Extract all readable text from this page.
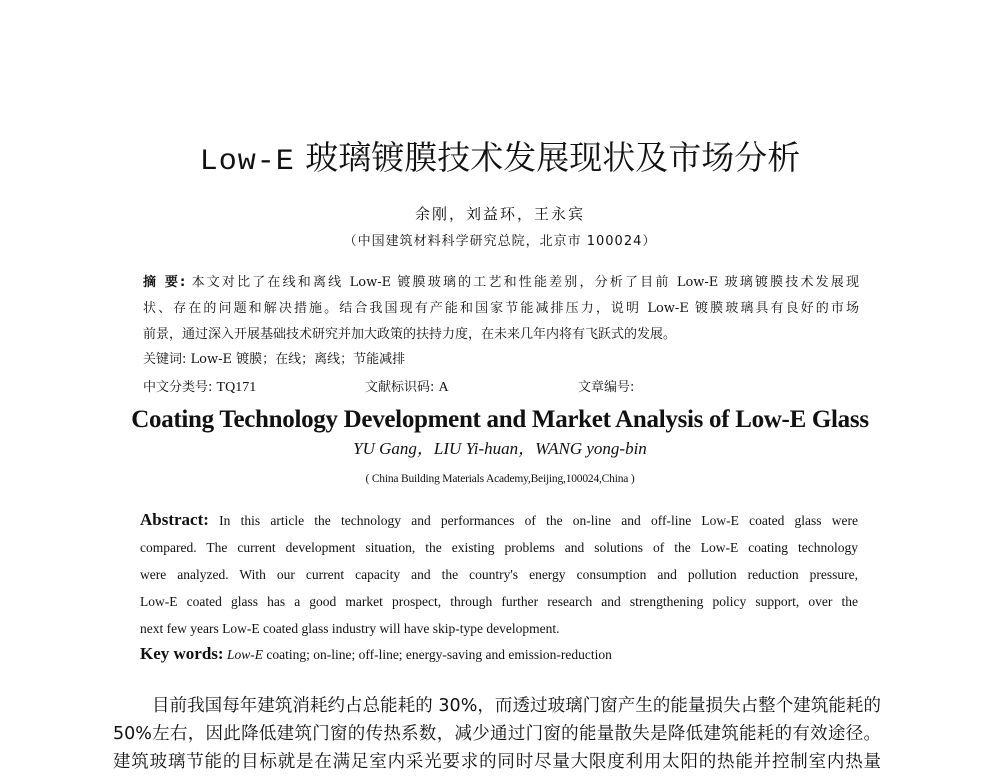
Low-E 玻璃镀膜技术发展现状及市场分析
余刚，刘益环，王永宾
（中国建筑材料科学研究总院，北京市 100024）
摘 要: 本文对比了在线和离线 Low-E 镀膜玻璃的工艺和性能差别，分析了目前 Low-E 玻璃镀膜技术发展现
状、存在的问题和解决措施。结合我国现有产能和国家节能减排压力，说明 Low-E 镀膜玻璃具有良好的市场
前景，通过深入开展基础技术研究并加大政策的扶持力度，在未来几年内将有飞跃式的发展。
关键词: Low-E 镀膜；在线；离线；节能减排
中文分类号: TQ171	文献标识码: A	文章编号:
Coating Technology Development and Market Analysis of Low-E Glass
YU Gang，LIU Yi-huan，WANG yong-bin
( China Building Materials Academy,Beijing,100024,China )
Abstract: In this article the technology and performances of the on-line and off-line Low-E coated glass were
compared. The current development situation, the existing problems and solutions of the Low-E coating technology
were analyzed. With our current capacity and the country's energy consumption and pollution reduction pressure,
Low-E coated glass has a good market prospect, through further research and strengthening policy support, over the
next few years Low-E coated glass industry will have skip-type development.
Key words: Low-E coating; on-line; off-line; energy-saving and emission-reduction
目前我国每年建筑消耗约占总能耗的 30%，而透过玻璃门窗产生的能量损失占整个建筑能耗的
50%左右，因此降低建筑门窗的传热系数，减少通过门窗的能量散失是降低建筑能耗的有效途径。
建筑玻璃节能的目标就是在满足室内采光要求的同时尽量大限度利用太阳的热能并控制室内热量
